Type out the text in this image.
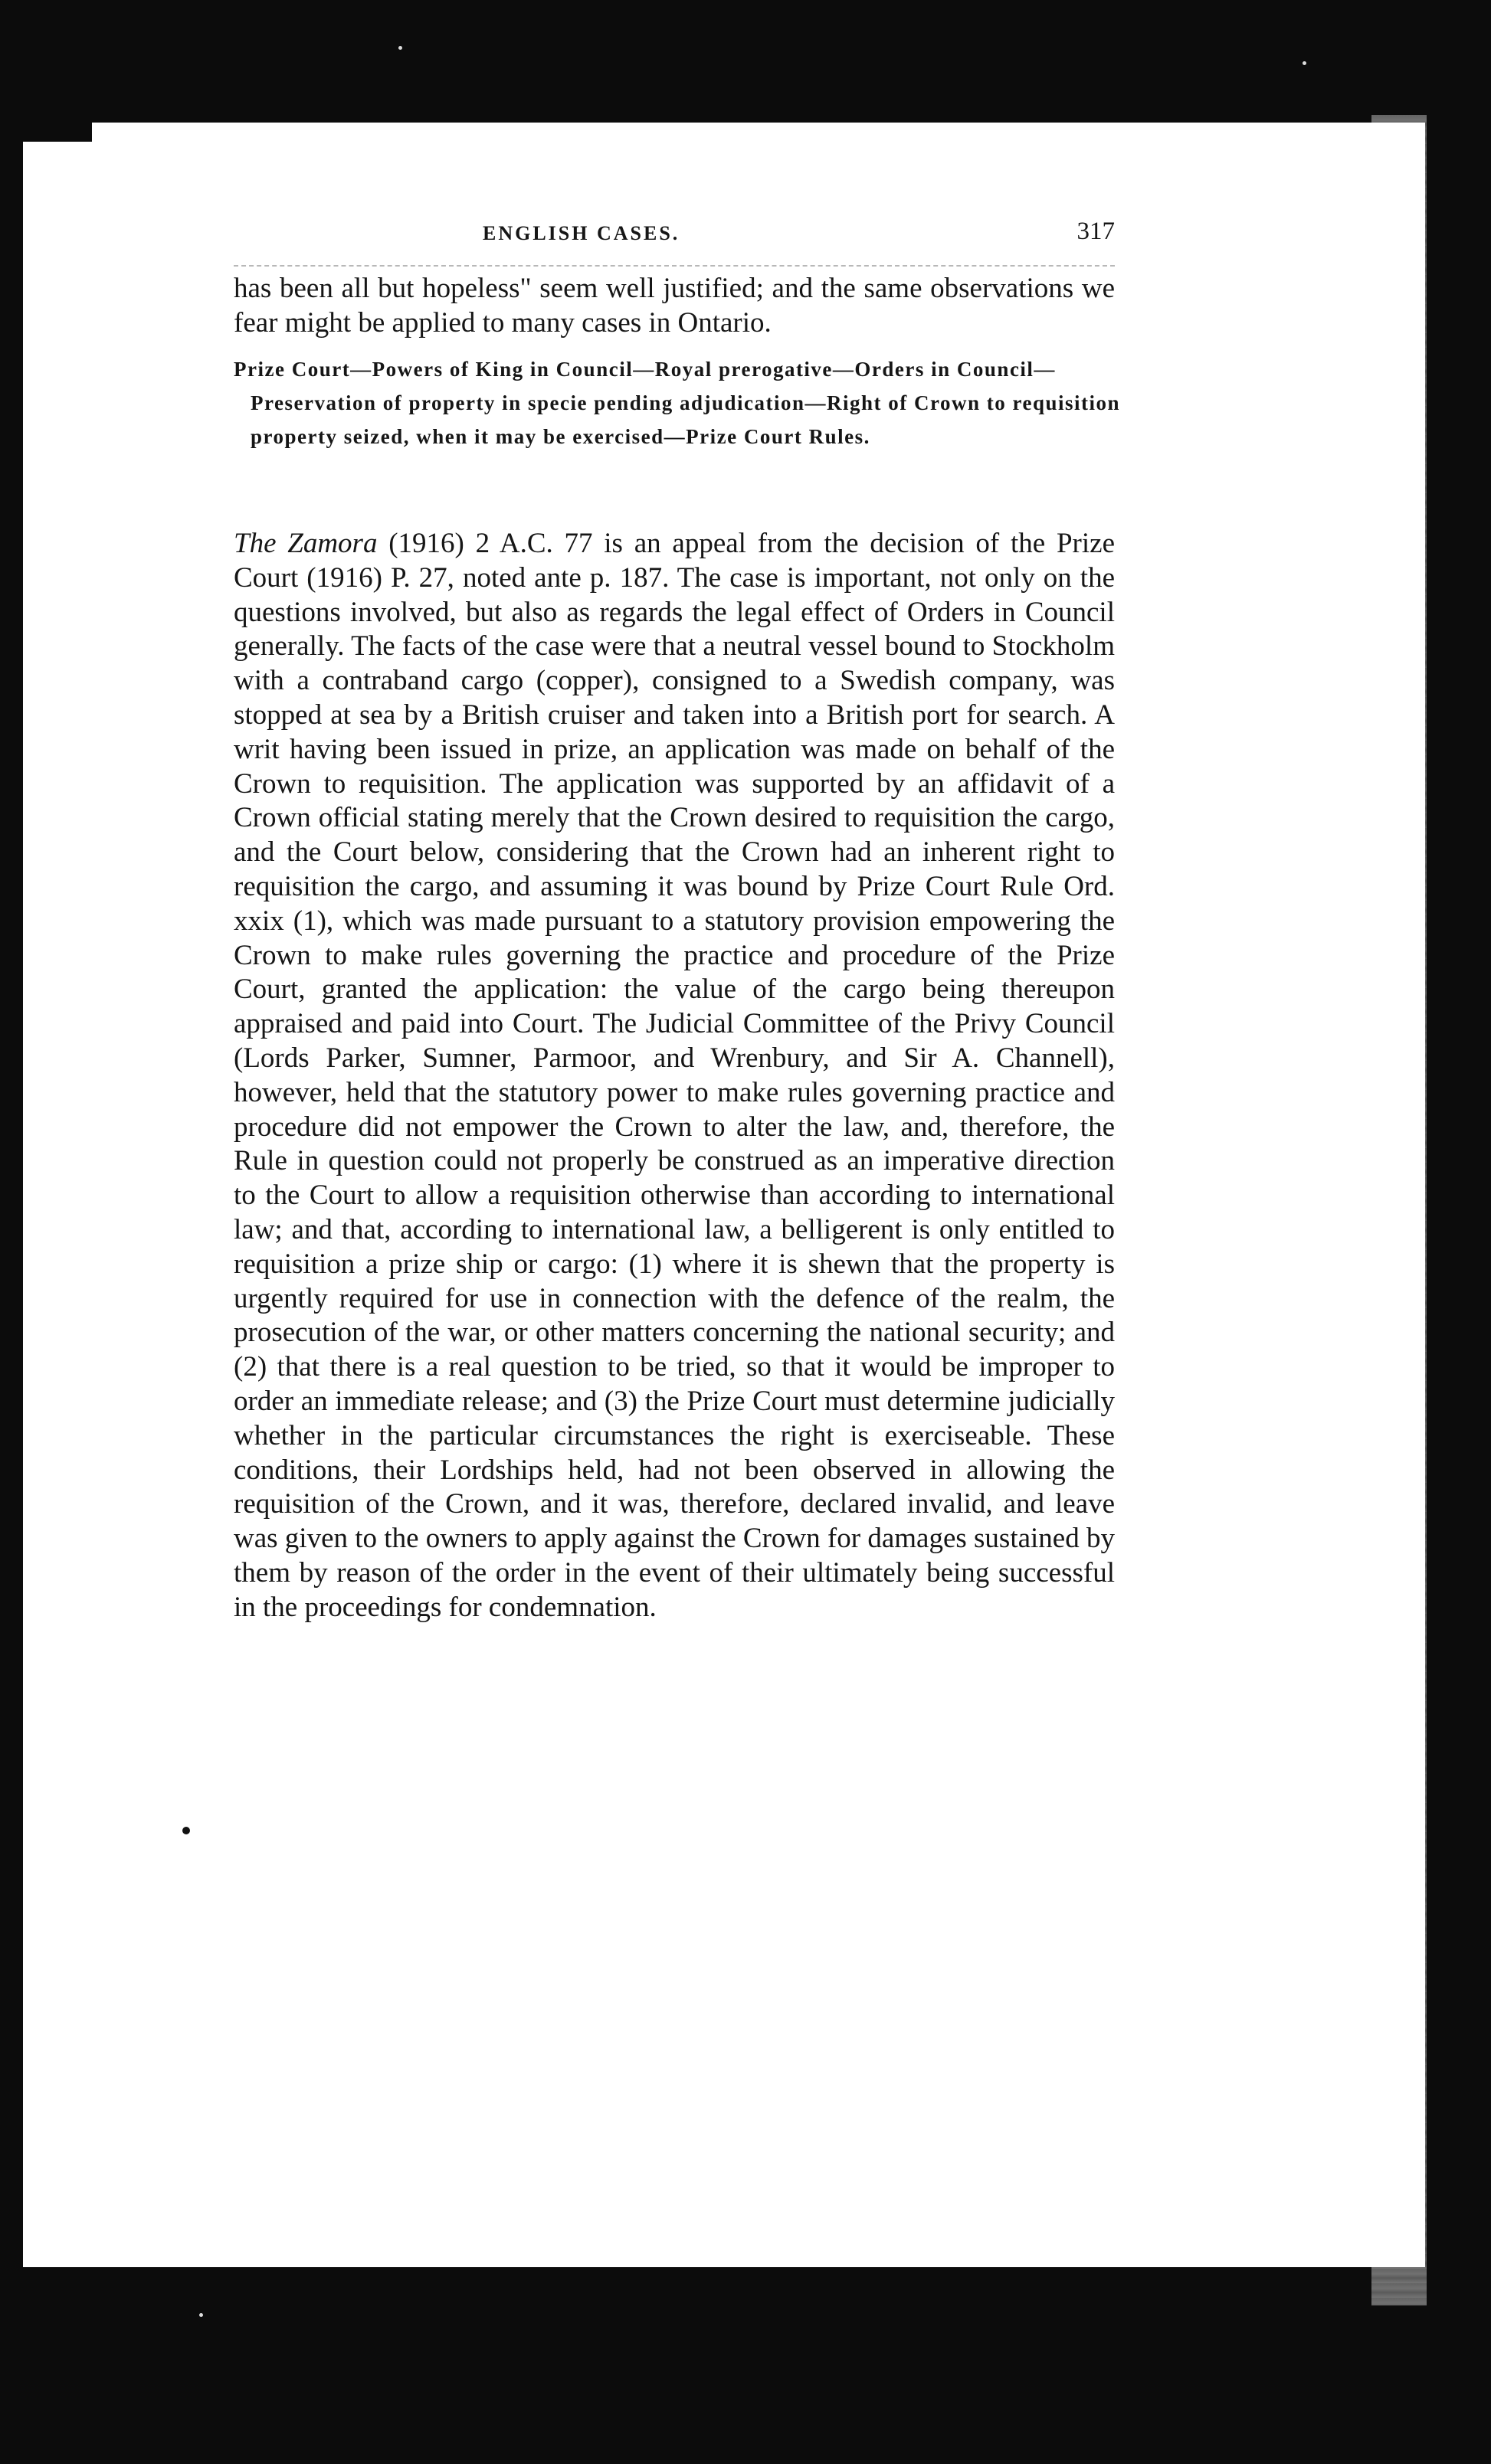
ENGLISH CASES.	317

has been all but hopeless" seem well justified; and the same observations we fear might be applied to many cases in Ontario.

Prize Court—Powers of King in Council—Royal prerogative—Orders in Council—Preservation of property in specie pending adjudication—Right of Crown to requisition property seized, when it may be exercised—Prize Court Rules.

The Zamora (1916) 2 A.C. 77 is an appeal from the decision of the Prize Court (1916) P. 27, noted ante p. 187. The case is important, not only on the questions involved, but also as regards the legal effect of Orders in Council generally. The facts of the case were that a neutral vessel bound to Stockholm with a contraband cargo (copper), consigned to a Swedish company, was stopped at sea by a British cruiser and taken into a British port for search. A writ having been issued in prize, an application was made on behalf of the Crown to requisition. The application was supported by an affidavit of a Crown official stating merely that the Crown desired to requisition the cargo, and the Court below, considering that the Crown had an inherent right to requisition the cargo, and assuming it was bound by Prize Court Rule Ord. xxix (1), which was made pursuant to a statutory provision empowering the Crown to make rules governing the practice and procedure of the Prize Court, granted the application: the value of the cargo being thereupon appraised and paid into Court. The Judicial Committee of the Privy Council (Lords Parker, Sumner, Parmoor, and Wrenbury, and Sir A. Channell), however, held that the statutory power to make rules governing practice and procedure did not empower the Crown to alter the law, and, therefore, the Rule in question could not properly be construed as an imperative direction to the Court to allow a requisition otherwise than according to international law; and that, according to international law, a belligerent is only entitled to requisition a prize ship or cargo: (1) where it is shewn that the property is urgently required for use in connection with the defence of the realm, the prosecution of the war, or other matters concerning the national security; and (2) that there is a real question to be tried, so that it would be improper to order an immediate release; and (3) the Prize Court must determine judicially whether in the particular circumstances the right is exerciseable. These conditions, their Lordships held, had not been observed in allowing the requisition of the Crown, and it was, therefore, declared invalid, and leave was given to the owners to apply against the Crown for damages sustained by them by reason of the order in the event of their ultimately being successful in the proceedings for condemnation.
